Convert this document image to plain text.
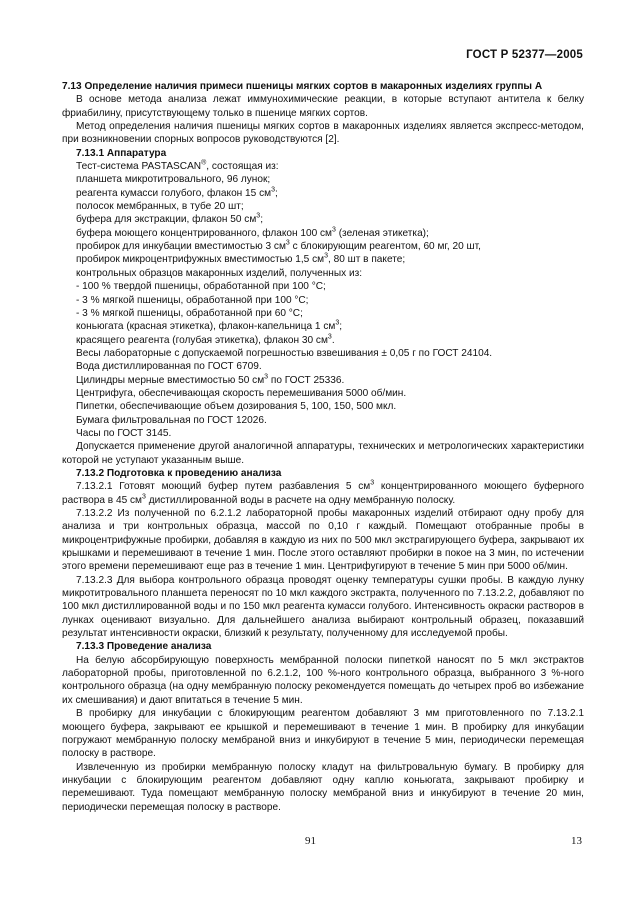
ГОСТ Р 52377—2005

7.13 Определение наличия примеси пшеницы мягких сортов в макаронных изделиях группы А

В основе метода анализа лежат иммунохимические реакции, в которые вступают антитела к белку фриабилину, присутствующему только в пшенице мягких сортов.

Метод определения наличия пшеницы мягких сортов в макаронных изделиях является экспресс-методом, при возникновении спорных вопросов руководствуются [2].

7.13.1 Аппаратура

Тест-система PASTASCAN®, состоящая из:

планшета микротитровального, 96 лунок;

реагента кумасси голубого, флакон 15 $см^3$;

полосок мембранных, в тубе 20 шт;

буфера для экстракции, флакон 50 $см^3$;

буфера моющего концентрированного, флакон 100 $см^3$ (зеленая этикетка);

пробирок для инкубации вместимостью 3 $см^3$ с блокирующим реагентом, 60 мг, 20 шт,

пробирок микроцентрифужных вместимостью 1,5 $см^3$, 80 шт в пакете;

контрольных образцов макаронных изделий, полученных из:

- 100 % твердой пшеницы, обработанной при 100 °С;

- 3 % мягкой пшеницы, обработанной при 100 °С;

- 3 % мягкой пшеницы, обработанной при 60 °С;

коньюгата (красная этикетка), флакон-капельница 1 $см^3$;

красящего реагента (голубая этикетка), флакон 30 $см^3$.

Весы лабораторные с допускаемой погрешностью взвешивания ± 0,05 г по ГОСТ 24104.

Вода дистиллированная по ГОСТ 6709.

Цилиндры мерные вместимостью 50 $см^3$ по ГОСТ 25336.

Центрифуга, обеспечивающая скорость перемешивания 5000 об/мин.

Пипетки, обеспечивающие объем дозирования 5, 100, 150, 500 мкл.

Бумага фильтровальная по ГОСТ 12026.

Часы по ГОСТ 3145.

Допускается применение другой аналогичной аппаратуры, технических и метрологических характеристики которой не уступают указанным выше.

7.13.2 Подготовка к проведению анализа

7.13.2.1 Готовят моющий буфер путем разбавления 5 $см^3$ концентрированного моющего буферного раствора в 45 $см^3$ дистиллированной воды в расчете на одну мембранную полоску.

7.13.2.2 Из полученной по 6.2.1.2 лабораторной пробы макаронных изделий отбирают одну пробу для анализа и три контрольных образца, массой по 0,10 г каждый. Помещают отобранные пробы в микроцентрифужные пробирки, добавляя в каждую из них по 500 мкл экстрагирующего буфера, закрывают их крышками и перемешивают в течение 1 мин. После этого оставляют пробирки в покое на 3 мин, по истечении этого времени перемешивают еще раз в течение 1 мин. Центрифугируют в течение 5 мин при 5000 об/мин.

7.13.2.3 Для выбора контрольного образца проводят оценку температуры сушки пробы. В каждую лунку микротитровального планшета переносят по 10 мкл каждого экстракта, полученного по 7.13.2.2, добавляют по 100 мкл дистиллированной воды и по 150 мкл реагента кумасси голубого. Интенсивность окраски растворов в лунках оценивают визуально. Для дальнейшего анализа выбирают контрольный образец, показавший результат интенсивности окраски, близкий к результату, полученному для исследуемой пробы.

7.13.3 Проведение анализа

На белую абсорбирующую поверхность мембранной полоски пипеткой наносят по 5 мкл экстрактов лабораторной пробы, приготовленной по 6.2.1.2, 100 %-ного контрольного образца, выбранного 3 %-ного контрольного образца (на одну мембранную полоску рекомендуется помещать до четырех проб во избежание их смешивания) и дают впитаться в течение 5 мин.

В пробирку для инкубации с блокирующим реагентом добавляют 3 мм приготовленного по 7.13.2.1 моющего буфера, закрывают ее крышкой и перемешивают в течение 1 мин. В пробирку для инкубации погружают мембранную полоску мембраной вниз и инкубируют в течение 5 мин, периодически перемещая полоску в растворе.

Извлеченную из пробирки мембранную полоску кладут на фильтровальную бумагу. В пробирку для инкубации с блокирующим реагентом добавляют одну каплю коньюгата, закрывают пробирку и перемешивают. Туда помещают мембранную полоску мембраной вниз и инкубируют в течение 20 мин, периодически перемещая полоску в растворе.

91	13
